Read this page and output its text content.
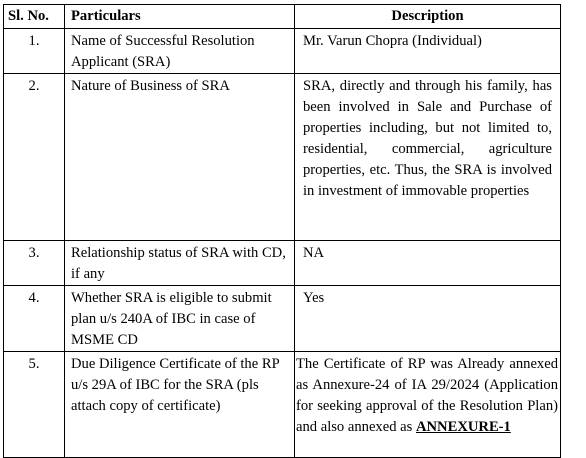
Sl. No.	Particulars	Description
1.	Name of Successful Resolution Applicant (SRA)	Mr. Varun Chopra (Individual)
2.	Nature of Business of SRA	SRA, directly and through his family, has been involved in Sale and Purchase of properties including, but not limited to, residential, commercial, agriculture properties, etc. Thus, the SRA is involved in investment of immovable properties
3.	Relationship status of SRA with CD, if any	NA
4.	Whether SRA is eligible to submit plan u/s 240A of IBC in case of MSME CD	Yes
5.	Due Diligence Certificate of the RP u/s 29A of IBC for the SRA (pls attach copy of certificate)	The Certificate of RP was Already annexed as Annexure-24 of IA 29/2024 (Application for seeking approval of the Resolution Plan) and also annexed as ANNEXURE-1
